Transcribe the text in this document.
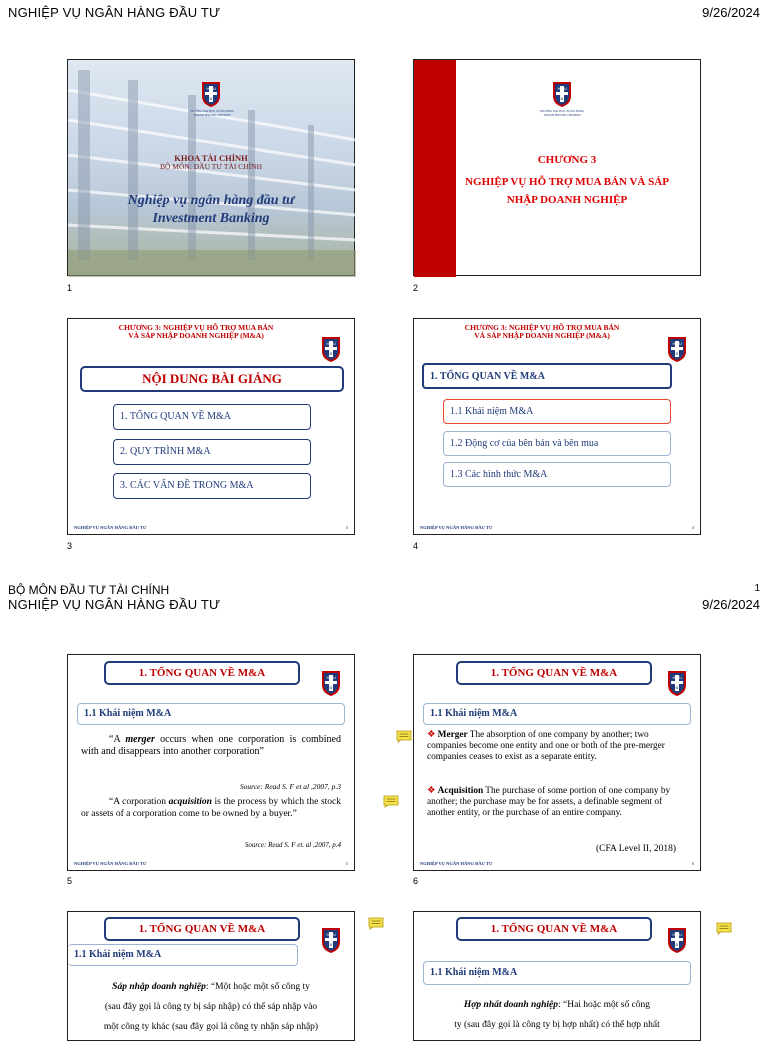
NGHIỆP VỤ NGÂN HÀNG ĐẦU TƯ	9/26/2024
TRƯỜNG ĐẠI HỌC NGÂN HÀNG
THÀNH PHỐ HỒ CHÍ MINH
KHOA TÀI CHÍNH
BỘ MÔN: ĐẦU TƯ TÀI CHÍNH
Nghiệp vụ ngân hàng đầu tư
Investment Banking
1
TRƯỜNG ĐẠI HỌC NGÂN HÀNG
THÀNH PHỐ HỒ CHÍ MINH
CHƯƠNG 3
NGHIỆP VỤ HỖ TRỢ MUA BÁN VÀ SÁP
NHẬP DOANH NGHIỆP
2
CHƯƠNG 3: NGHIỆP VỤ HỖ TRỢ MUA BÁN
VÀ SÁP NHẬP DOANH NGHIỆP (M&A)
NỘI DUNG BÀI GIẢNG
1. TỔNG QUAN VỀ M&A
2. QUY TRÌNH M&A
3. CÁC VẤN ĐỀ TRONG M&A
NGHIỆP VỤ NGÂN HÀNG ĐẦU TƯ	3
3
CHƯƠNG 3: NGHIỆP VỤ HỖ TRỢ MUA BÁN
VÀ SÁP NHẬP DOANH NGHIỆP (M&A)
1. TỔNG QUAN VỀ M&A
1.1 Khái niệm M&A
1.2 Động cơ của bên bán và bên mua
1.3 Các hình thức M&A
NGHIỆP VỤ NGÂN HÀNG ĐẦU TƯ	4
4
BỘ MÔN ĐẦU TƯ TÀI CHÍNH	1
NGHIỆP VỤ NGÂN HÀNG ĐẦU TƯ	9/26/2024
1. TỔNG QUAN VỀ M&A
1.1 Khái niệm M&A
“A merger occurs when one corporation is combined with and disappears into another corporation”
Source: Read S. F et al ,2007, p.3
“A corporation acquisition is the process by which the stock or assets of a corporation come to be owned by a buyer.”
Source: Read S. F et. al ,2007, p.4
NGHIỆP VỤ NGÂN HÀNG ĐẦU TƯ	5
5
1. TỔNG QUAN VỀ M&A
1.1 Khái niệm M&A
❖ Merger The absorption of one company by another; two companies become one entity and one or both of the pre-merger companies ceases to exist as a separate entity.
❖ Acquisition The purchase of some portion of one company by another; the purchase may be for assets, a definable segment of another entity, or the purchase of an entire company.
(CFA Level II, 2018)
NGHIỆP VỤ NGÂN HÀNG ĐẦU TƯ	6
6
1. TỔNG QUAN VỀ M&A
1.1 Khái niệm M&A
Sáp nhập doanh nghiệp: “Một hoặc một số công ty
(sau đây gọi là công ty bị sáp nhập) có thể sáp nhập vào
một công ty khác (sau đây gọi là công ty nhận sáp nhập)
1. TỔNG QUAN VỀ M&A
1.1 Khái niệm M&A
Hợp nhất doanh nghiệp: “Hai hoặc một số công
ty (sau đây gọi là công ty bị hợp nhất) có thể hợp nhất
